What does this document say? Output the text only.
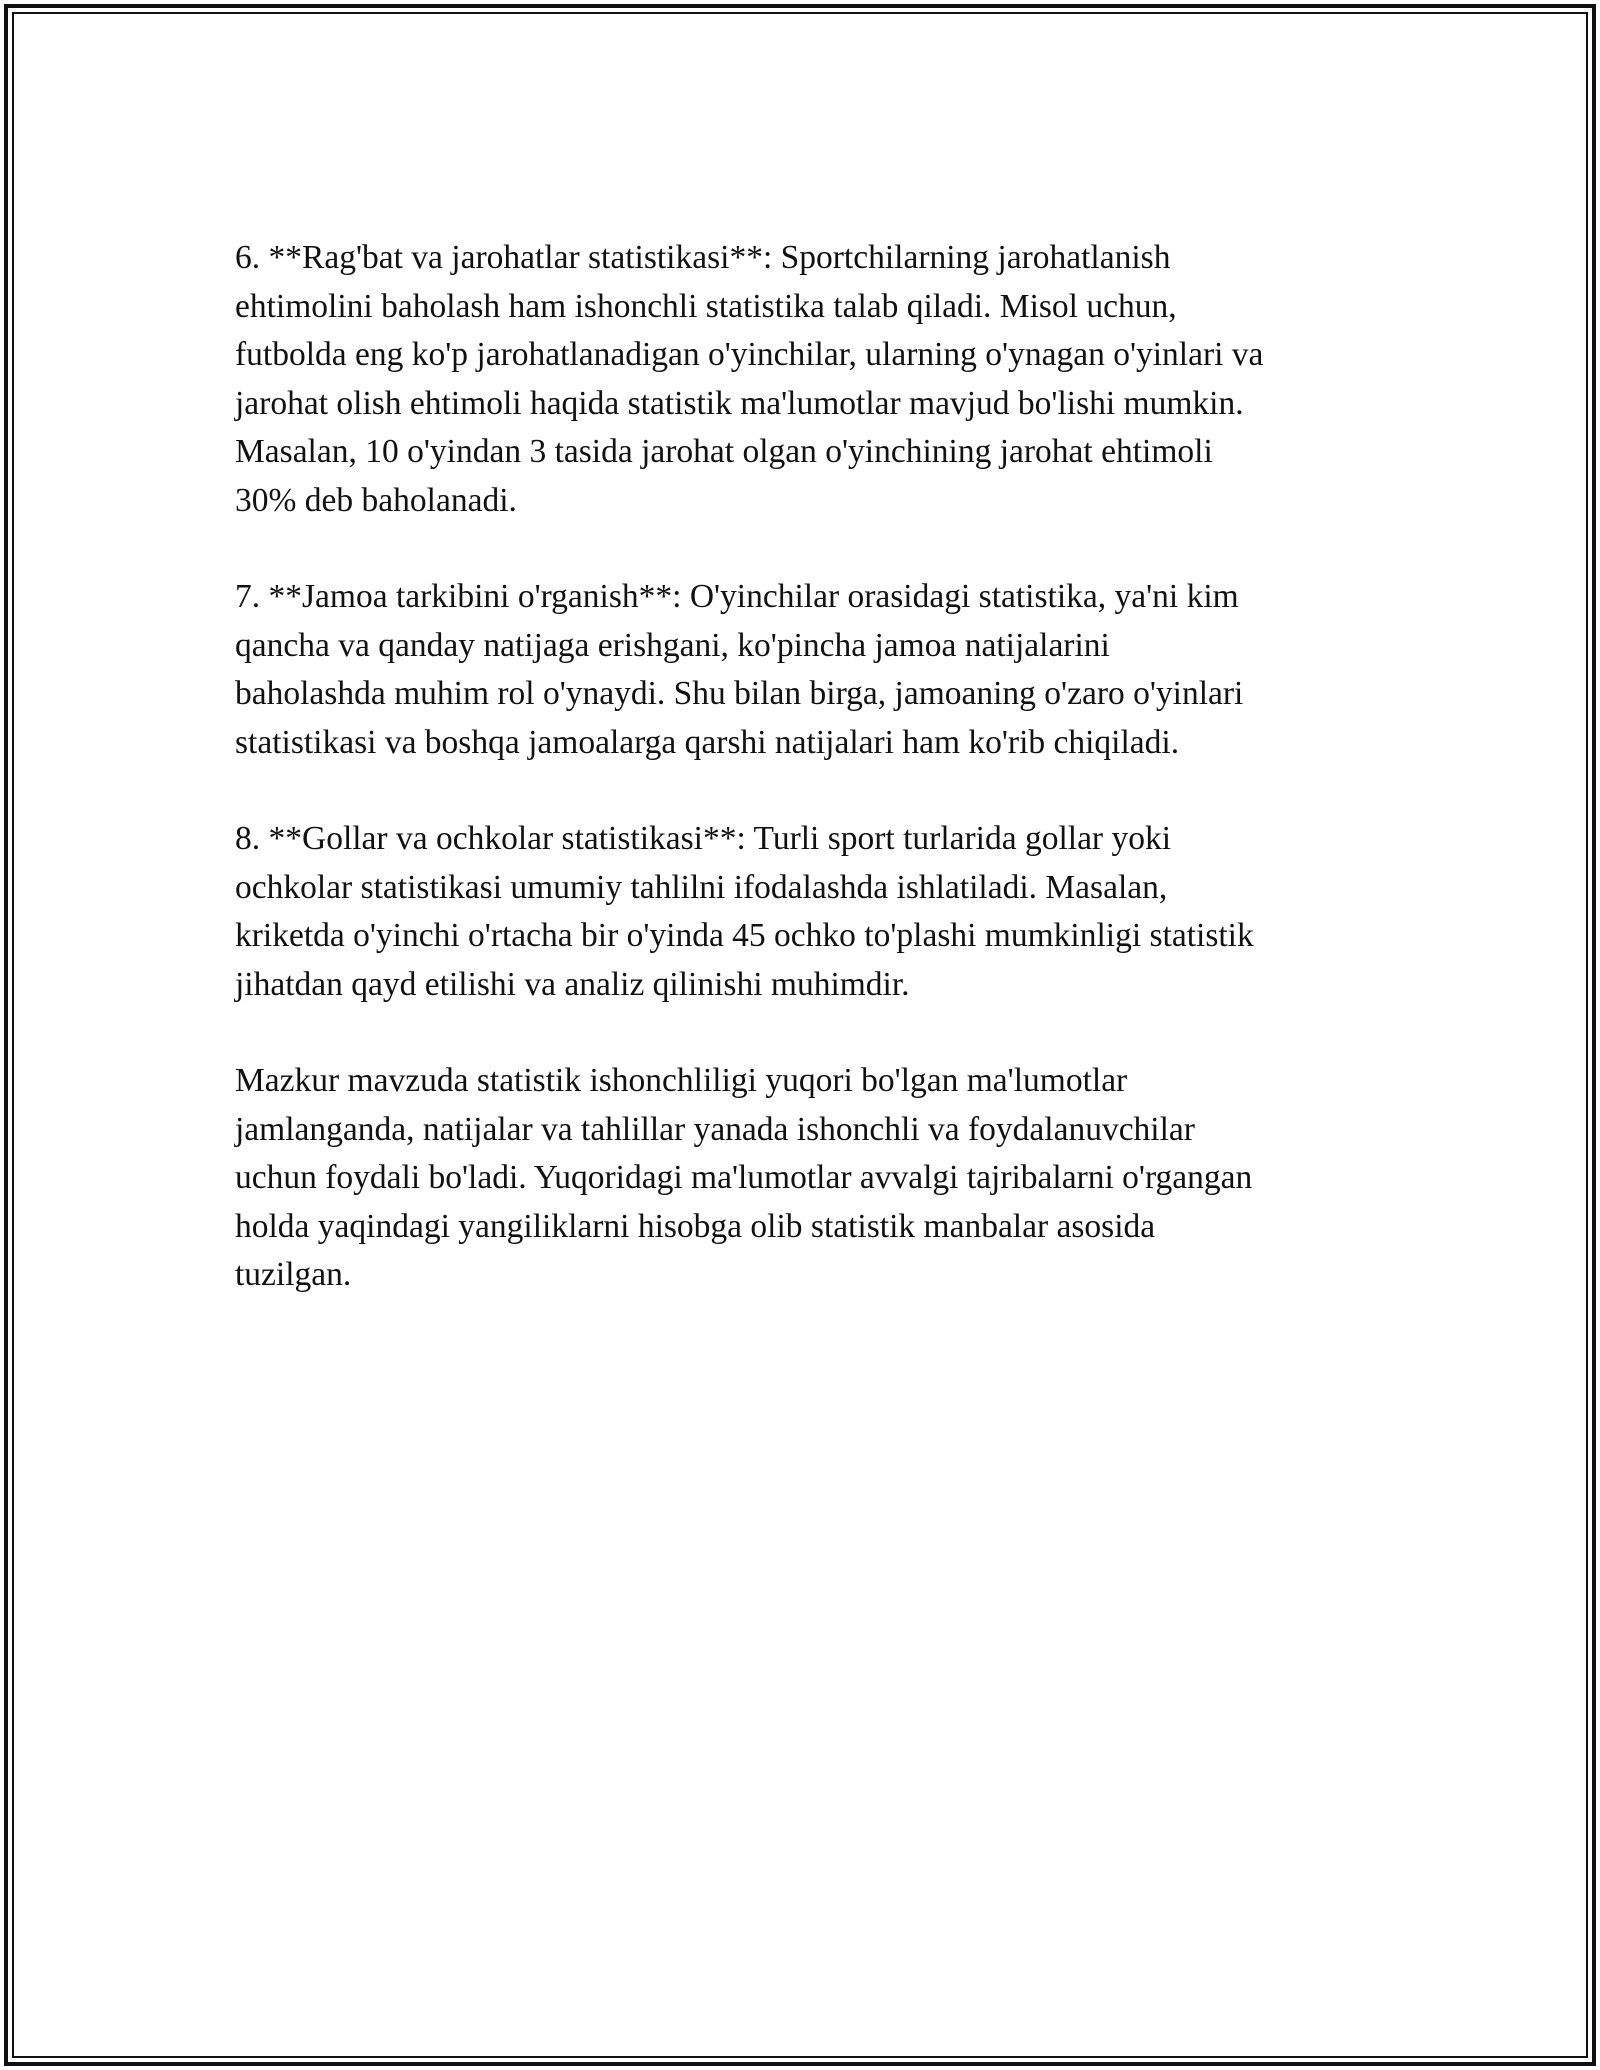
6. **Rag'bat va jarohatlar statistikasi**: Sportchilarning jarohatlanish
ehtimolini baholash ham ishonchli statistika talab qiladi. Misol uchun,
futbolda eng ko'p jarohatlanadigan o'yinchilar, ularning o'ynagan o'yinlari va
jarohat olish ehtimoli haqida statistik ma'lumotlar mavjud bo'lishi mumkin.
Masalan, 10 o'yindan 3 tasida jarohat olgan o'yinchining jarohat ehtimoli
30% deb baholanadi.

7. **Jamoa tarkibini o'rganish**: O'yinchilar orasidagi statistika, ya'ni kim
qancha va qanday natijaga erishgani, ko'pincha jamoa natijalarini
baholashda muhim rol o'ynaydi. Shu bilan birga, jamoaning o'zaro o'yinlari
statistikasi va boshqa jamoalarga qarshi natijalari ham ko'rib chiqiladi.

8. **Gollar va ochkolar statistikasi**: Turli sport turlarida gollar yoki
ochkolar statistikasi umumiy tahlilni ifodalashda ishlatiladi. Masalan,
kriketda o'yinchi o'rtacha bir o'yinda 45 ochko to'plashi mumkinligi statistik
jihatdan qayd etilishi va analiz qilinishi muhimdir.

Mazkur mavzuda statistik ishonchliligi yuqori bo'lgan ma'lumotlar
jamlanganda, natijalar va tahlillar yanada ishonchli va foydalanuvchilar
uchun foydali bo'ladi. Yuqoridagi ma'lumotlar avvalgi tajribalarni o'rgangan
holda yaqindagi yangiliklarni hisobga olib statistik manbalar asosida
tuzilgan.
